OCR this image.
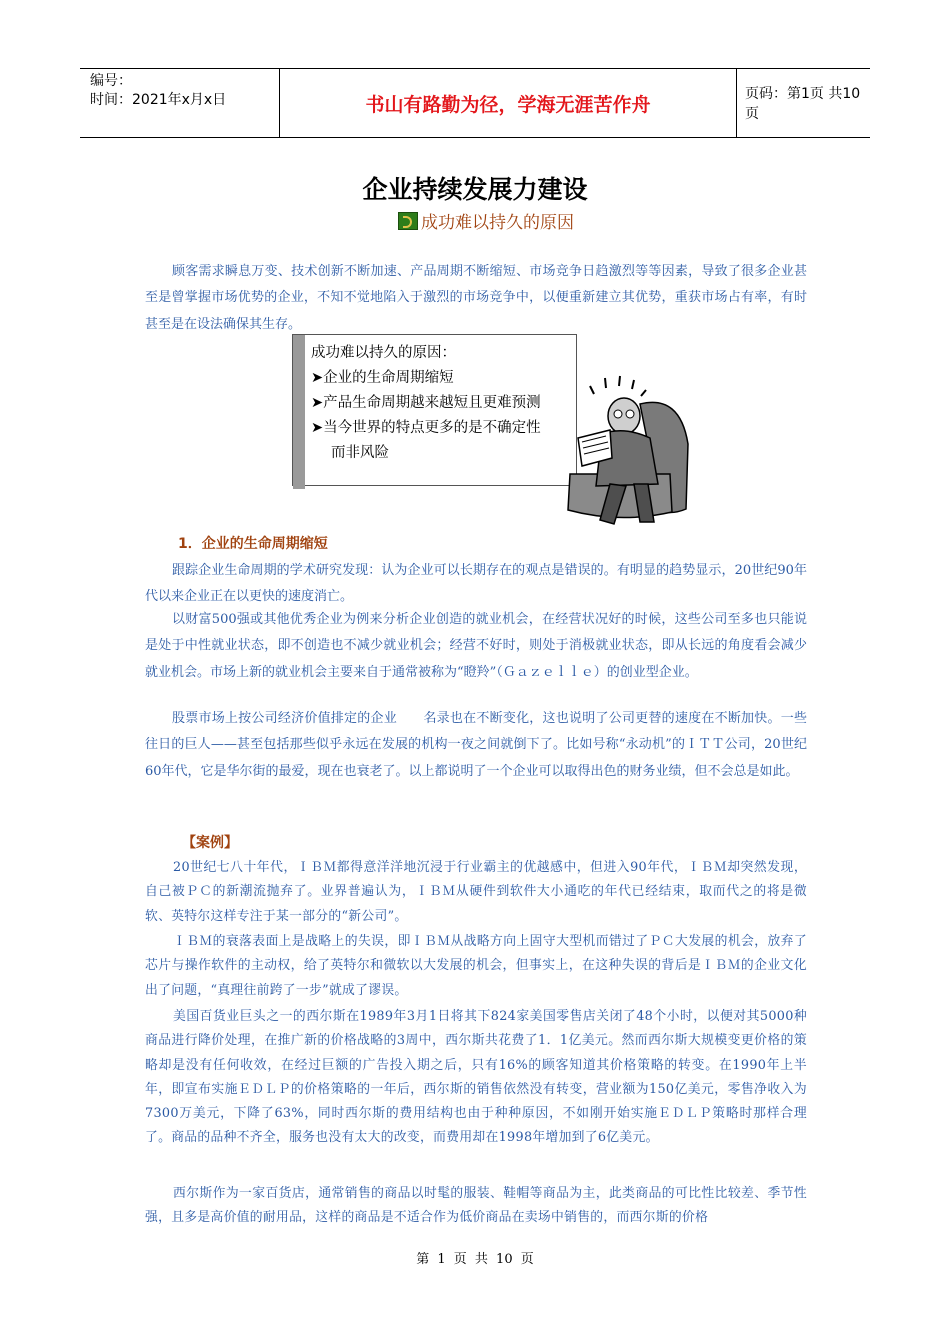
编号：
时间：2021年x月x日	书山有路勤为径，学海无涯苦作舟	页码：第1页 共10页
企业持续发展力建设
成功难以持久的原因
顾客需求瞬息万变、技术创新不断加速、产品周期不断缩短、市场竞争日趋激烈等等因素，导致了很多企业甚至是曾掌握市场优势的企业，不知不觉地陷入于激烈的市场竞争中，以便重新建立其优势，重获市场占有率，有时甚至是在设法确保其生存。
成功难以持久的原因：
➤企业的生命周期缩短
➤产品生命周期越来越短且更难预测
➤当今世界的特点更多的是不确定性
而非风险
1．企业的生命周期缩短
跟踪企业生命周期的学术研究发现：认为企业可以长期存在的观点是错误的。有明显的趋势显示，20世纪90年代以来企业正在以更快的速度消亡。
以财富500强或其他优秀企业为例来分析企业创造的就业机会，在经营状况好的时候，这些公司至多也只能说是处于中性就业状态，即不创造也不减少就业机会；经营不好时，则处于消极就业状态，即从长远的角度看会减少就业机会。市场上新的就业机会主要来自于通常被称为“瞪羚”（Ｇａｚｅｌｌｅ）的创业型企业。
股票市场上按公司经济价值排定的企业　　名录也在不断变化，这也说明了公司更替的速度在不断加快。一些往日的巨人——甚至包括那些似乎永远在发展的机构一夜之间就倒下了。比如号称“永动机”的ＩＴＴ公司，20世纪60年代，它是华尔街的最爱，现在也衰老了。以上都说明了一个企业可以取得出色的财务业绩，但不会总是如此。
【案例】
20世纪七八十年代，ＩＢＭ都得意洋洋地沉浸于行业霸主的优越感中，但进入90年代，ＩＢＭ却突然发现，自己被ＰＣ的新潮流抛弃了。业界普遍认为，ＩＢＭ从硬件到软件大小通吃的年代已经结束，取而代之的将是微软、英特尔这样专注于某一部分的“新公司”。
ＩＢＭ的衰落表面上是战略上的失误，即ＩＢＭ从战略方向上固守大型机而错过了ＰＣ大发展的机会，放弃了芯片与操作软件的主动权，给了英特尔和微软以大发展的机会，但事实上，在这种失误的背后是ＩＢＭ的企业文化出了问题，“真理往前跨了一步”就成了谬误。
美国百货业巨头之一的西尔斯在1989年3月1日将其下824家美国零售店关闭了48个小时，以便对其5000种商品进行降价处理，在推广新的价格战略的3周中，西尔斯共花费了1．1亿美元。然而西尔斯大规模变更价格的策略却是没有任何收效，在经过巨额的广告投入期之后，只有16%的顾客知道其价格策略的转变。在1990年上半年，即宣布实施ＥＤＬＰ的价格策略的一年后，西尔斯的销售依然没有转变，营业额为150亿美元，零售净收入为7300万美元，下降了63%，同时西尔斯的费用结构也由于种种原因，不如刚开始实施ＥＤＬＰ策略时那样合理了。商品的品种不齐全，服务也没有太大的改变，而费用却在1998年增加到了6亿美元。
西尔斯作为一家百货店，通常销售的商品以时髦的服装、鞋帽等商品为主，此类商品的可比性比较差、季节性强，且多是高价值的耐用品，这样的商品是不适合作为低价商品在卖场中销售的，而西尔斯的价格
第 1 页 共 10 页
